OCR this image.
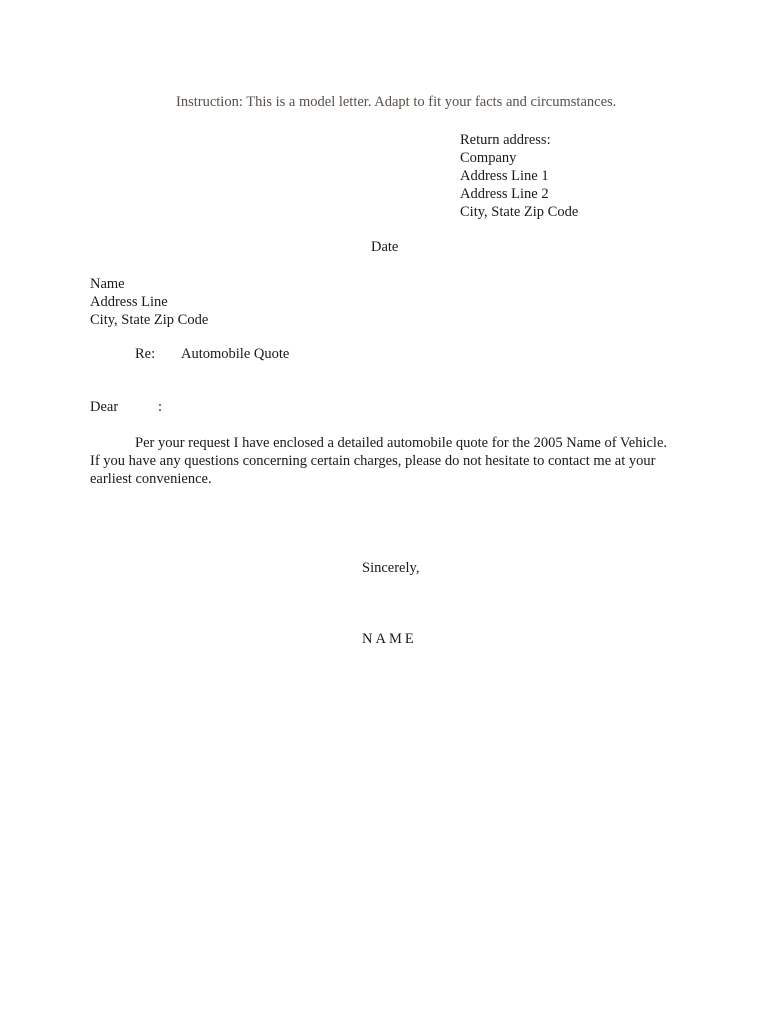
Instruction: This is a model letter. Adapt to fit your facts and circumstances.
Return address:
Company
Address Line 1
Address Line 2
City, State Zip Code
Date
Name
Address Line
City, State Zip Code
Re: Automobile Quote
Dear	:
Per your request I have enclosed a detailed automobile quote for the 2005 Name of Vehicle.
If you have any questions concerning certain charges, please do not hesitate to contact me at your
earliest convenience.
Sincerely,
NAME
